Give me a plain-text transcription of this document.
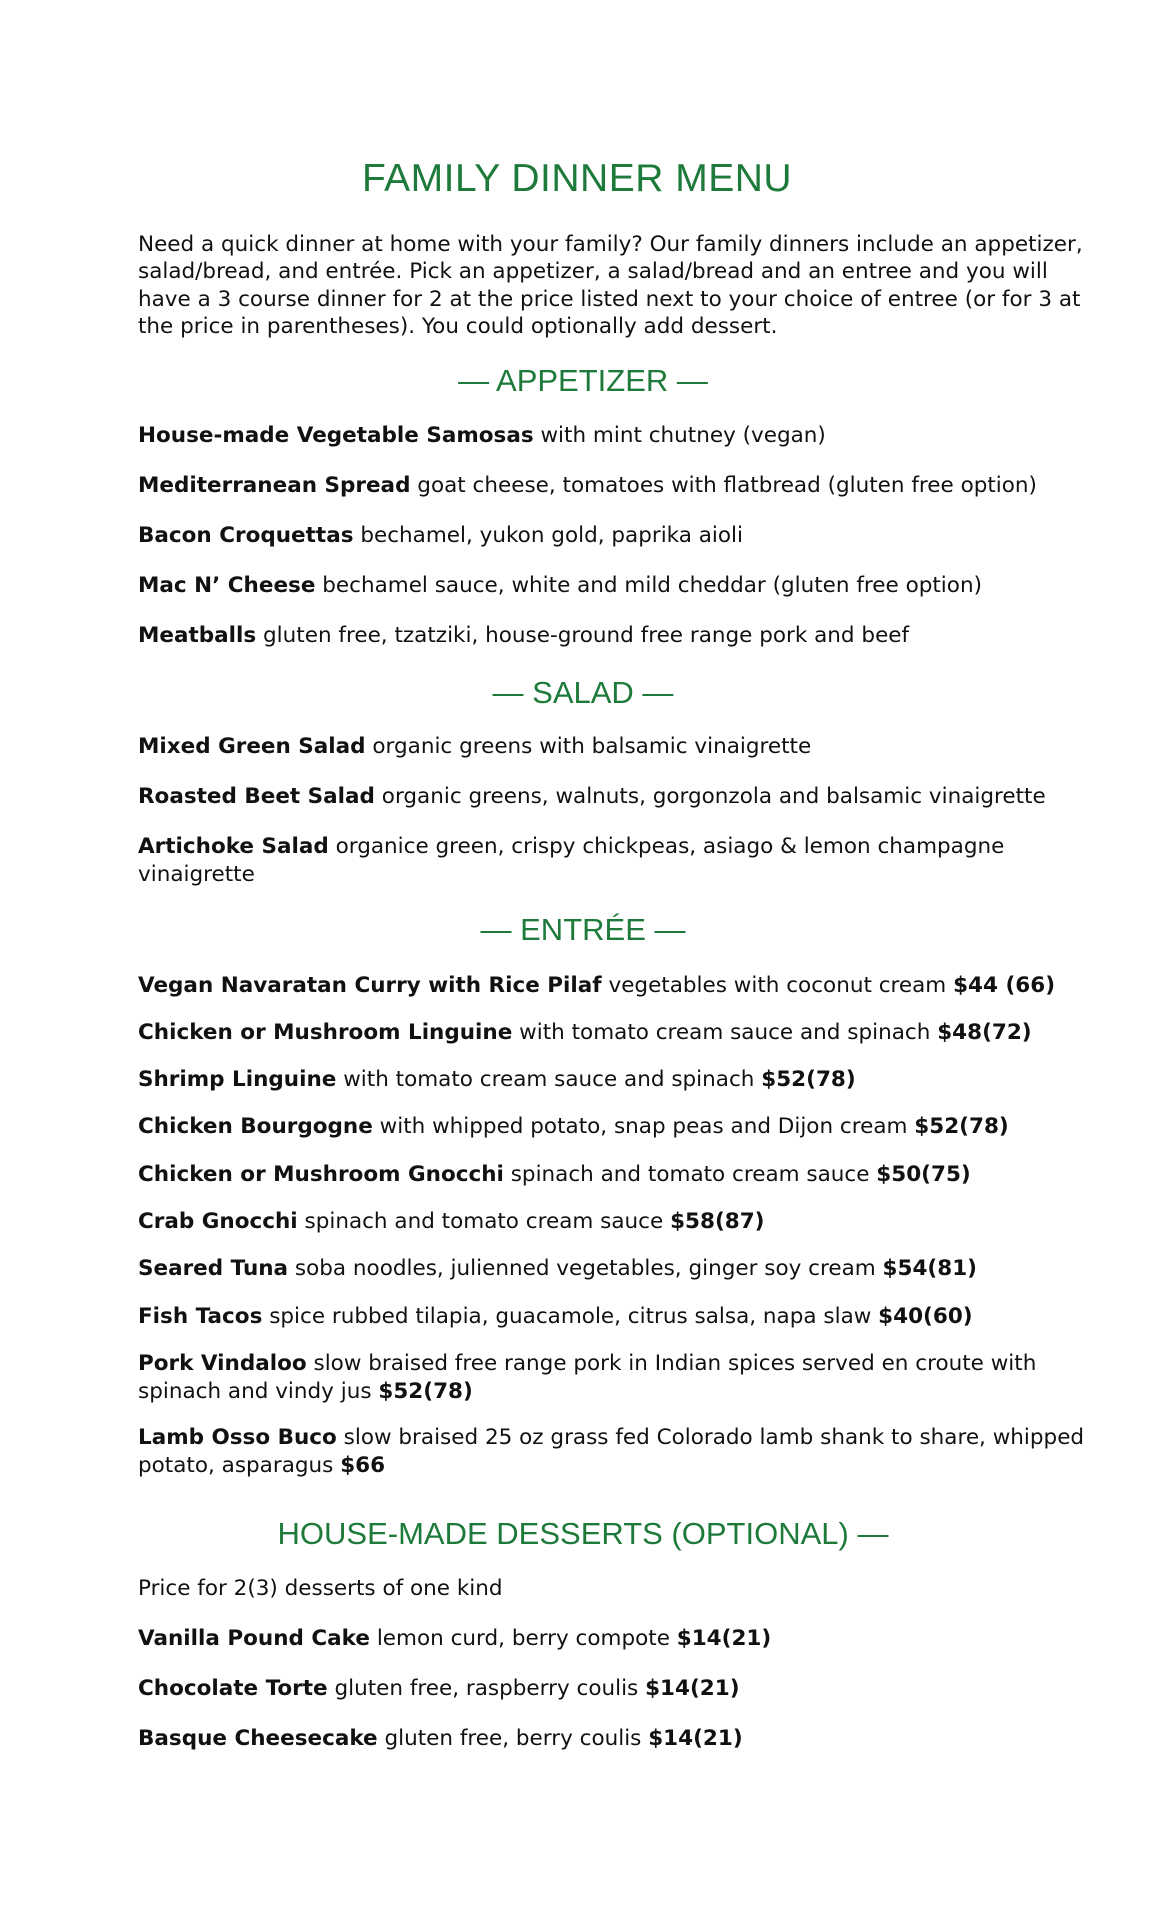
FAMILY DINNER MENU
Need a quick dinner at home with your family? Our family dinners include an appetizer, salad/bread, and entrée. Pick an appetizer, a salad/bread and an entree and you will have a 3 course dinner for 2 at the price listed next to your choice of entree (or for 3 at the price in parentheses). You could optionally add dessert.
— APPETIZER —
House-made Vegetable Samosas with mint chutney (vegan)
Mediterranean Spread goat cheese, tomatoes with flatbread (gluten free option)
Bacon Croquettas bechamel, yukon gold, paprika aioli
Mac N’ Cheese bechamel sauce, white and mild cheddar (gluten free option)
Meatballs gluten free, tzatziki, house-ground free range pork and beef
— SALAD —
Mixed Green Salad organic greens with balsamic vinaigrette
Roasted Beet Salad organic greens, walnuts, gorgonzola and balsamic vinaigrette
Artichoke Salad organice green, crispy chickpeas, asiago & lemon champagne vinaigrette
— ENTRÉE —
Vegan Navaratan Curry with Rice Pilaf vegetables with coconut cream $44 (66)
Chicken or Mushroom Linguine with tomato cream sauce and spinach $48(72)
Shrimp Linguine with tomato cream sauce and spinach $52(78)
Chicken Bourgogne with whipped potato, snap peas and Dijon cream $52(78)
Chicken or Mushroom Gnocchi spinach and tomato cream sauce $50(75)
Crab Gnocchi spinach and tomato cream sauce $58(87)
Seared Tuna soba noodles, julienned vegetables, ginger soy cream $54(81)
Fish Tacos spice rubbed tilapia, guacamole, citrus salsa, napa slaw $40(60)
Pork Vindaloo slow braised free range pork in Indian spices served en croute with spinach and vindy jus $52(78)
Lamb Osso Buco slow braised 25 oz grass fed Colorado lamb shank to share, whipped potato, asparagus $66
HOUSE-MADE DESSERTS (OPTIONAL) —
Price for 2(3) desserts of one kind
Vanilla Pound Cake lemon curd, berry compote $14(21)
Chocolate Torte gluten free, raspberry coulis $14(21)
Basque Cheesecake gluten free, berry coulis $14(21)
